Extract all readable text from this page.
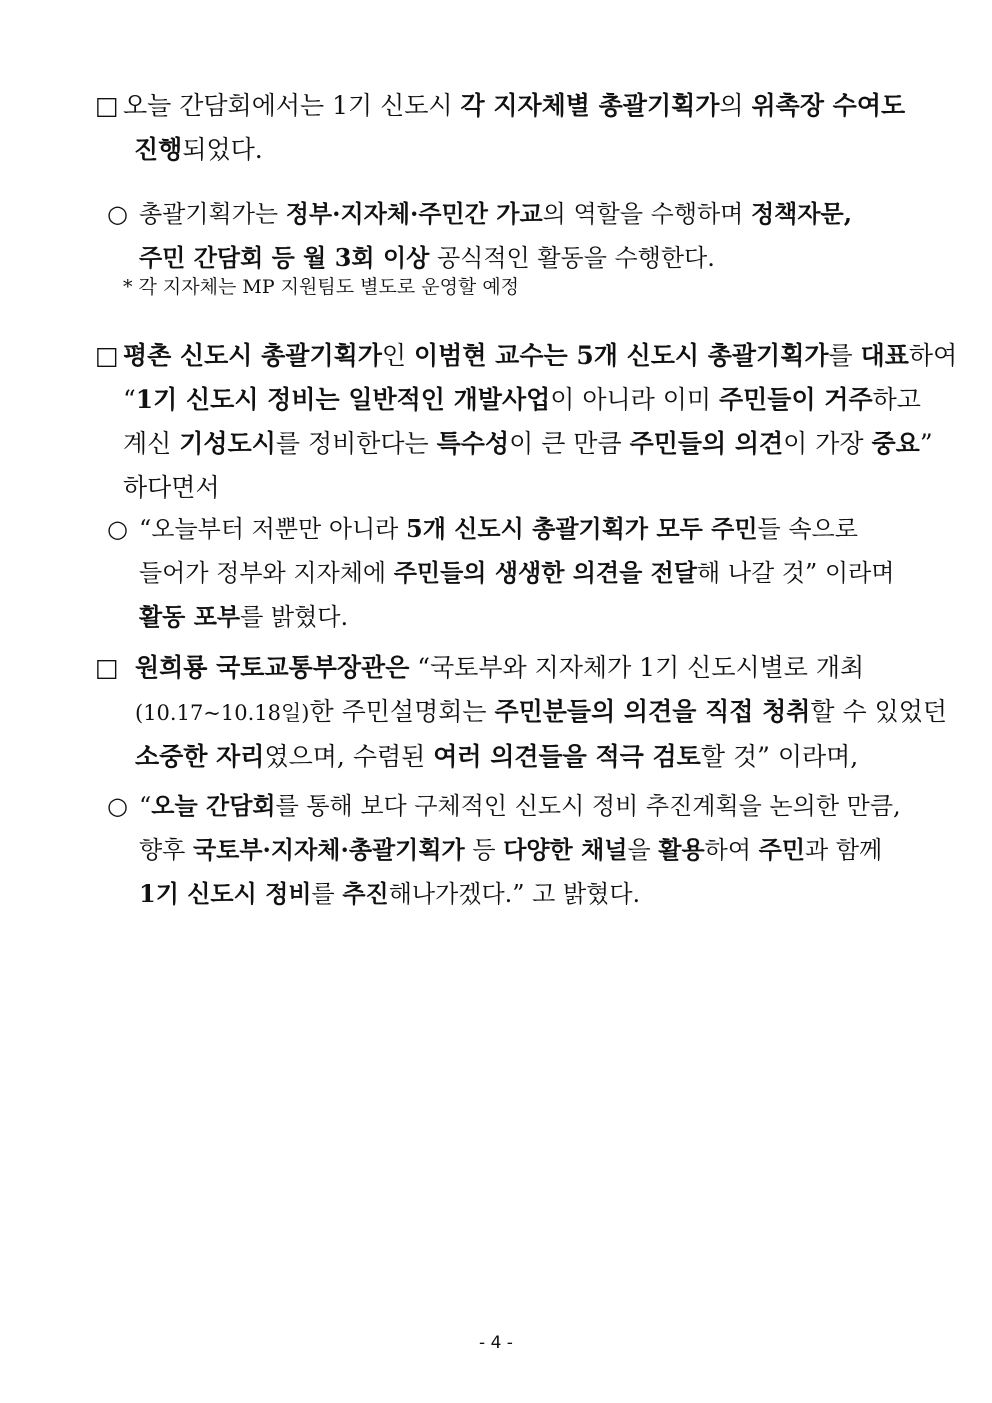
□ 오늘 간담회에서는 1기 신도시 각 지자체별 총괄기획가의 위촉장 수여도
진행되었다.
○ 총괄기획가는 정부·지자체·주민간 가교의 역할을 수행하며 정책자문,
주민 간담회 등 월 3회 이상 공식적인 활동을 수행한다.
* 각 지자체는 MP 지원팀도 별도로 운영할 예정
□ 평촌 신도시 총괄기획가인 이범현 교수는 5개 신도시 총괄기획가를 대표하여
“1기 신도시 정비는 일반적인 개발사업이 아니라 이미 주민들이 거주하고
계신 기성도시를 정비한다는 특수성이 큰 만큼 주민들의 의견이 가장 중요”
하다면서
○ “오늘부터 저뿐만 아니라 5개 신도시 총괄기획가 모두 주민들 속으로
들어가 정부와 지자체에 주민들의 생생한 의견을 전달해 나갈 것” 이라며
활동 포부를 밝혔다.
□ 원희룡 국토교통부장관은 “국토부와 지자체가 1기 신도시별로 개최
(10.17~10.18일)한 주민설명회는 주민분들의 의견을 직접 청취할 수 있었던
소중한 자리였으며, 수렴된 여러 의견들을 적극 검토할 것” 이라며,
○ “오늘 간담회를 통해 보다 구체적인 신도시 정비 추진계획을 논의한 만큼,
향후 국토부·지자체·총괄기획가 등 다양한 채널을 활용하여 주민과 함께
1기 신도시 정비를 추진해나가겠다.” 고 밝혔다.
- 4 -
